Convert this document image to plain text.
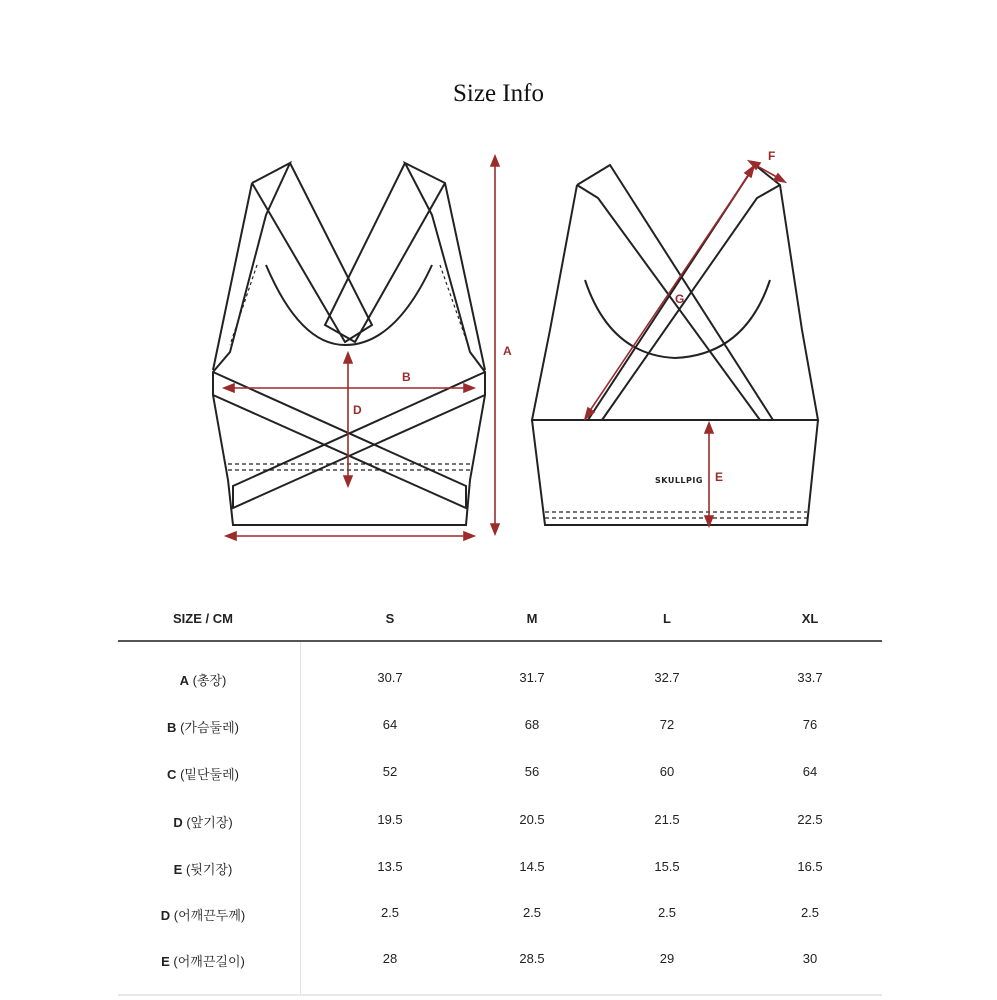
Size Info
A
B
D
F
G
E
SKULLPIG
SIZE / CM	S	M	L	XL
A (총장)	30.7	31.7	32.7	33.7
B (가슴둘레)	64	68	72	76
C (밑단둘레)	52	56	60	64
D (앞기장)	19.5	20.5	21.5	22.5
E (뒷기장)	13.5	14.5	15.5	16.5
D (어깨끈두께)	2.5	2.5	2.5	2.5
E (어깨끈길이)	28	28.5	29	30
